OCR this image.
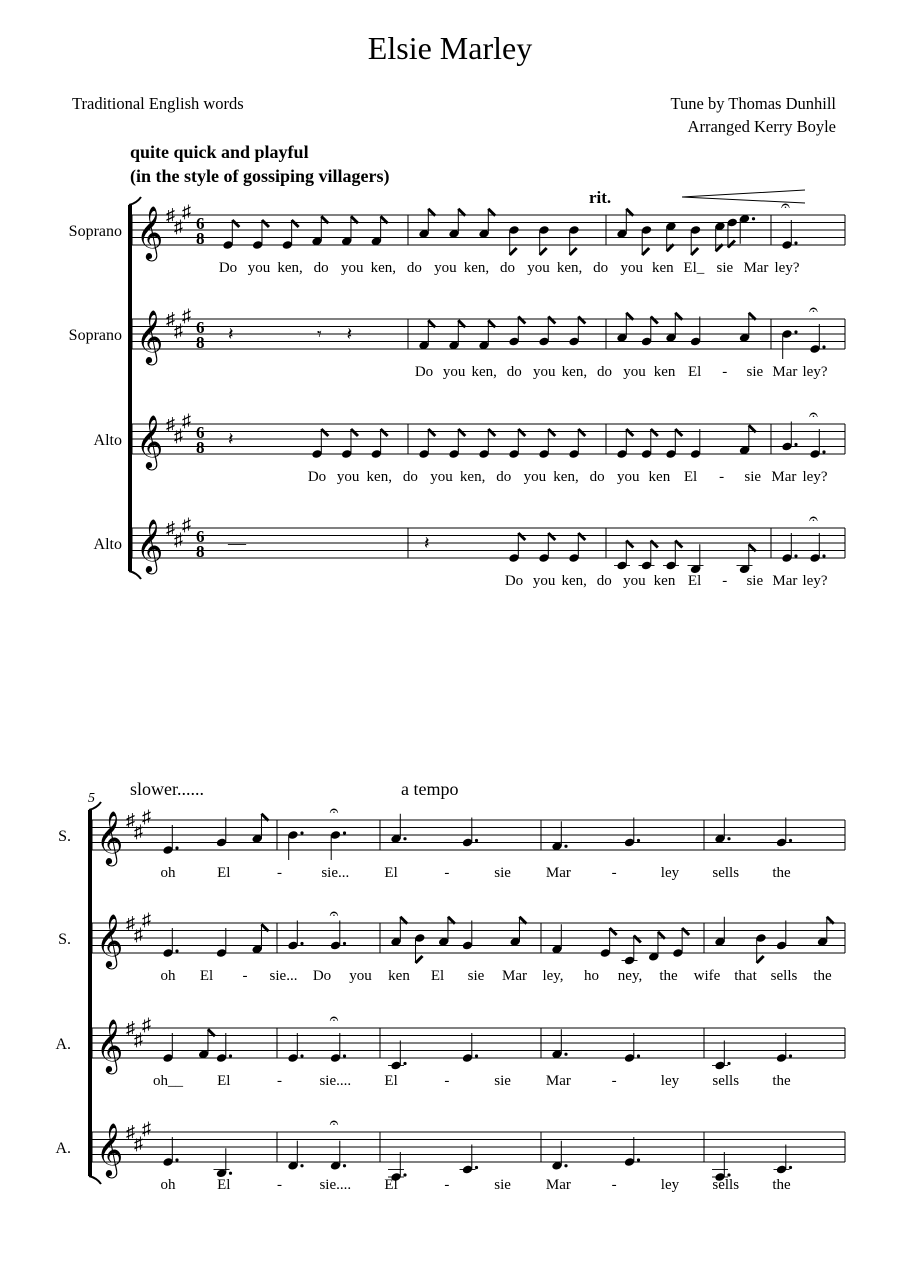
Elsie Marley
Traditional English words	Tune by Thomas Dunhill
Arranged Kerry Boyle
quite quick and playful
(in the style of gossiping villagers)
rit.
slower......	a tempo
5
Soprano 𝄞 ♯
♯
♯
6
8
𝄐
Do you ken, do you ken, do you ken, do you ken, do you ken El_ sie Mar ley?
Soprano 𝄞 ♯
♯
♯
6
8 𝄽	𝄾 𝄽
𝄐
Do you ken, do you ken, do you ken El - sie Mar ley?
Alto 𝄞 ♯
♯
♯
6
8 𝄽
𝄐
Do you ken, do you ken, do you ken, do you ken El - sie Mar ley?
Alto 𝄞 ♯
♯
♯
6
8 —	𝄽
𝄐
Do you ken, do you ken El - sie Mar ley?
S. 𝄞 ♯
♯
♯	𝄐
oh	El	-	sie... El	-	sie Mar	-	ley sells the
S. 𝄞 ♯
♯
♯	𝄐
oh El - sie... Do you ken El sie Mar ley, ho ney, the wife that sells the
A. 𝄞 ♯
♯
♯	𝄐
oh__ El	- sie.... El	-	sie Mar	-	ley sells the
A. 𝄞 ♯
♯
♯	𝄐
oh	El	- sie.... El	-	sie Mar	-	ley sells the
